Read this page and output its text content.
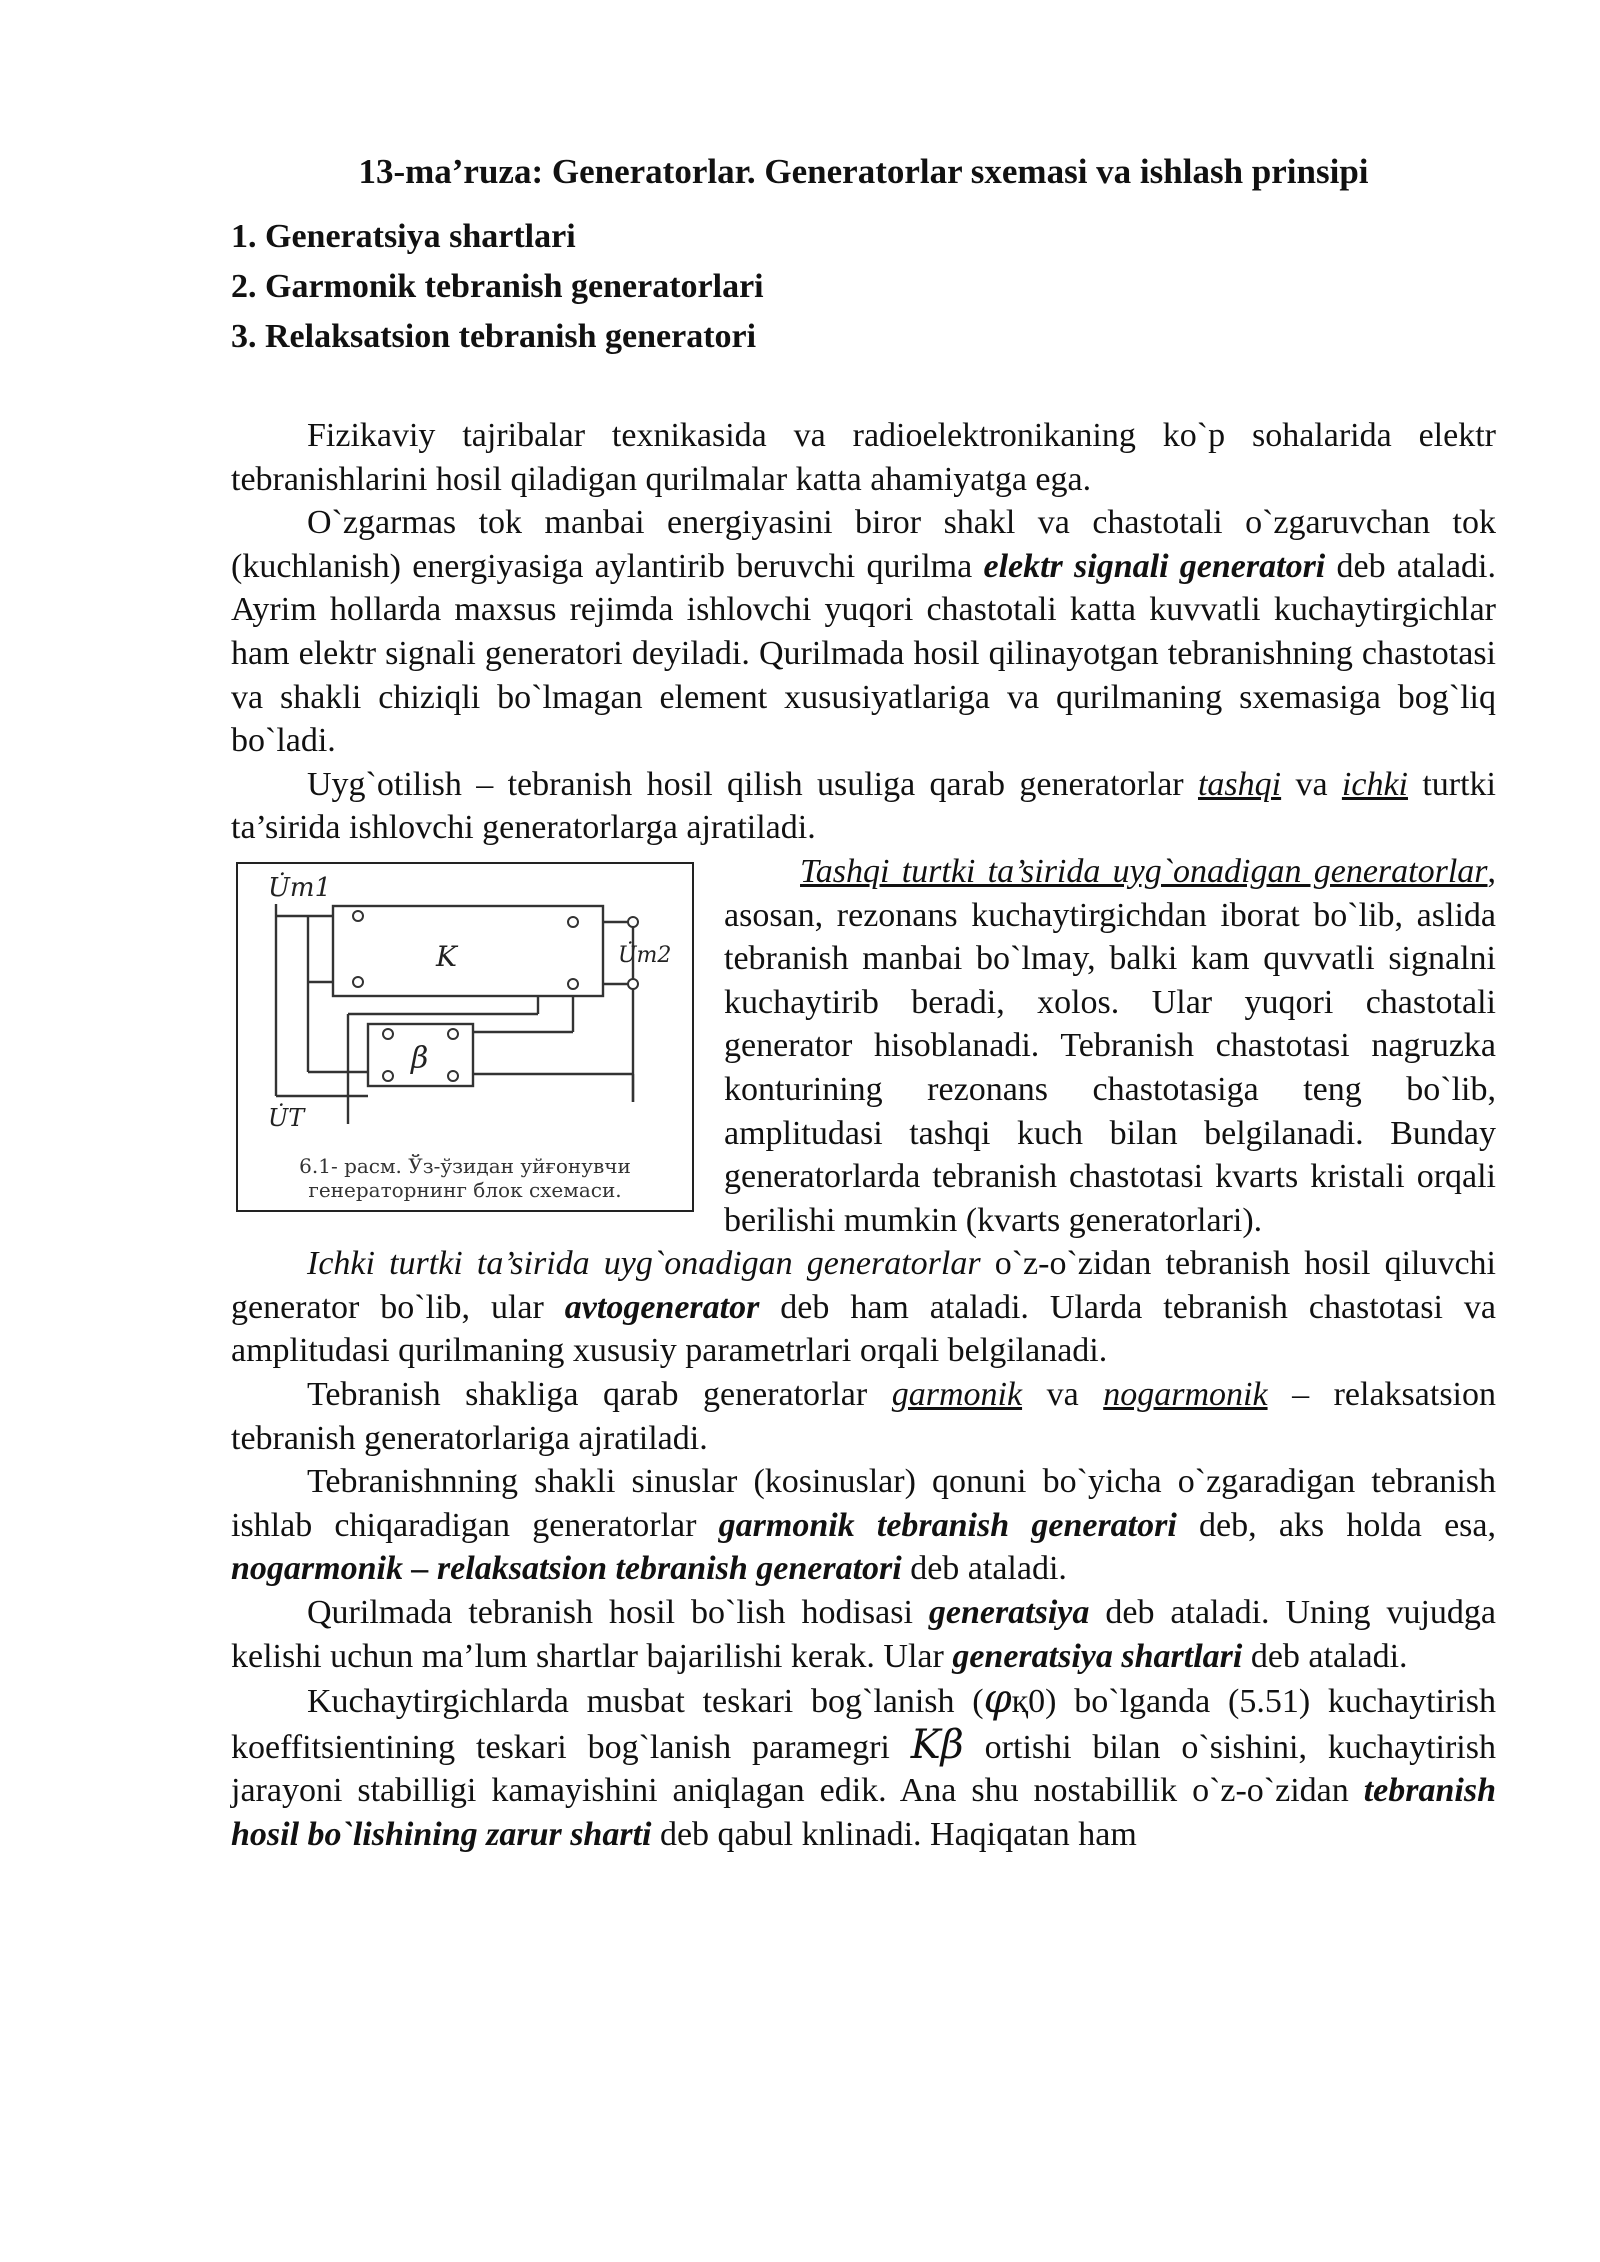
13-ma’ruza: Generatorlar. Generatorlar sxemasi va ishlash prinsipi
1. Generatsiya shartlari
2. Garmonik tebranish generatorlari
3. Relaksatsion tebranish generatori

Fizikaviy tajribalar texnikasida va radioelektronikaning ko`p sohalarida elektr tebranishlarini hosil qiladigan qurilmalar katta ahamiyatga ega.

O`zgarmas tok manbai energiyasini biror shakl va chastotali o`zgaruvchan tok (kuchlanish) energiyasiga aylantirib beruvchi qurilma elektr signali generatori deb ataladi. Ayrim hollarda maxsus rejimda ishlovchi yuqori chastotali katta kuvvatli kuchaytirgichlar ham elektr signali generatori deyiladi. Qurilmada hosil qilinayotgan tebranishning chastotasi va shakli chiziqli bo`lmagan element xususiyatlariga va qurilmaning sxemasiga bog`liq bo`ladi.

Uyg`otilish – tebranish hosil qilish usuliga qarab generatorlar tashqi va ichki turtki ta’sirida ishlovchi generatorlarga ajratiladi.

U̇m1
K	U̇m2
β
U̇T
6.1- расм. Ўз-ўзидан уйғонувчи
генераторнинг блок схемаси.

Tashqi turtki ta’sirida uyg`onadigan generatorlar, asosan, rezonans kuchaytirgichdan iborat bo`lib, aslida tebranish manbai bo`lmay, balki kam quvvatli signalni kuchaytirib beradi, xolos. Ular yuqori chastotali generator hisoblanadi. Tebranish chastotasi nagruzka konturining rezonans chastotasiga teng bo`lib, amplitudasi tashqi kuch bilan belgilanadi. Bunday generatorlarda tebranish chastotasi kvarts kristali orqali berilishi mumkin (kvarts generatorlari).

Ichki turtki ta’sirida uyg`onadigan generatorlar o`z-o`zidan tebranish hosil qiluvchi generator bo`lib, ular avtogenerator deb ham ataladi. Ularda tebranish chastotasi va amplitudasi qurilmaning xususiy parametrlari orqali belgilanadi.

Tebranish shakliga qarab generatorlar garmonik va nogarmonik – relaksatsion tebranish generatorlariga ajratiladi.

Tebranishnning shakli sinuslar (kosinuslar) qonuni bo`yicha o`zgaradigan tebranish ishlab chiqaradigan generatorlar garmonik tebranish generatori deb, aks holda esa, nogarmonik – relaksatsion tebranish generatori deb ataladi.

Qurilmada tebranish hosil bo`lish hodisasi generatsiya deb ataladi. Uning vujudga kelishi uchun ma’lum shartlar bajarilishi kerak. Ular generatsiya shartlari deb ataladi.

Kuchaytirgichlarda musbat teskari bog`lanish (φқ0) bo`lganda (5.51) kuchaytirish koeffitsientining teskari bog`lanish paramegri Kβ ortishi bilan o`sishini, kuchaytirish jarayoni stabilligi kamayishini aniqlagan edik. Ana shu nostabillik o`z-o`zidan tebranish hosil bo`lishining zarur sharti deb qabul knlinadi. Haqiqatan ham
